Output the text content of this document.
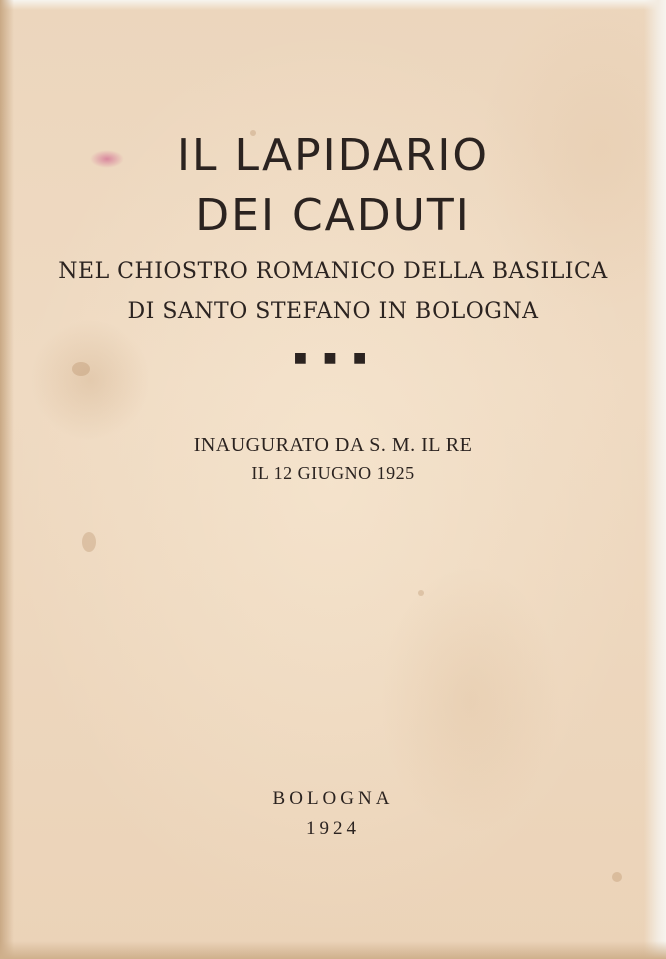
IL LAPIDARIO
DEI CADUTI
NEL CHIOSTRO ROMANICO DELLA BASILICA
DI SANTO STEFANO IN BOLOGNA
■ ■ ■
INAUGURATO DA S. M. IL RE
IL 12 GIUGNO 1925
BOLOGNA
1924
